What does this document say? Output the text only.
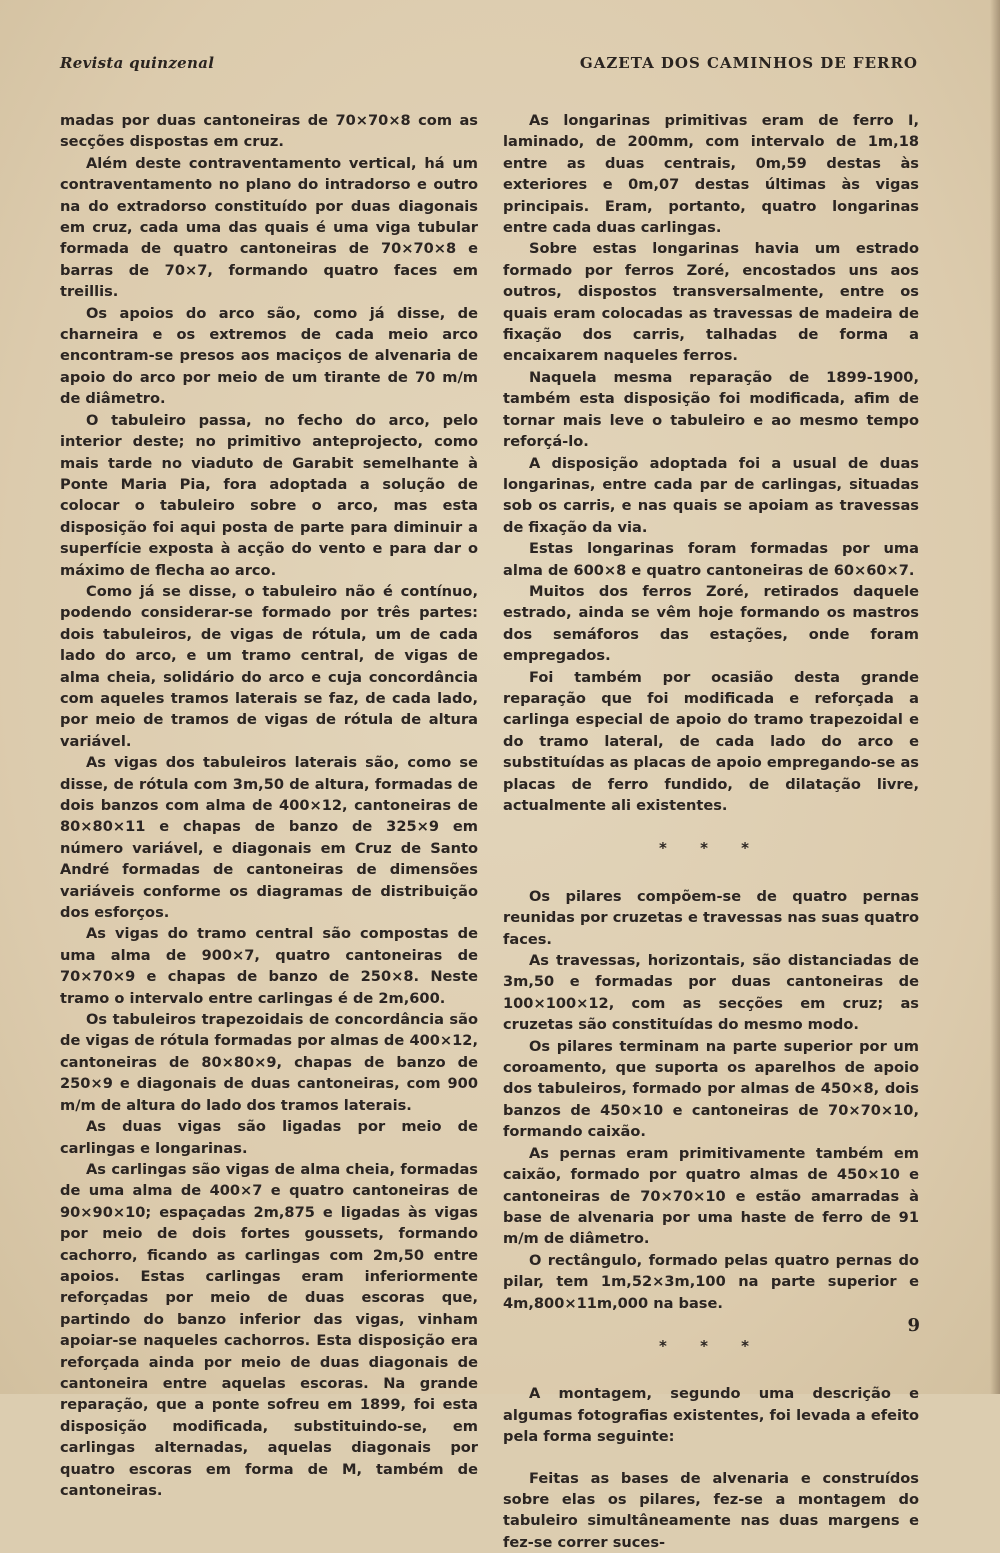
Revista quinzenal	GAZETA DOS CAMINHOS DE FERRO

madas por duas cantoneiras de 70×70×8 com as secções dispostas em cruz.

Além deste contraventamento vertical, há um contraventamento no plano do intradorso e outro na do extradorso constituído por duas diagonais em cruz, cada uma das quais é uma viga tubular formada de quatro cantoneiras de 70×70×8 e barras de 70×7, formando quatro faces em treillis.

Os apoios do arco são, como já disse, de charneira e os extremos de cada meio arco encontram-se presos aos maciços de alvenaria de apoio do arco por meio de um tirante de 70 m/m de diâmetro.

O tabuleiro passa, no fecho do arco, pelo interior deste; no primitivo anteprojecto, como mais tarde no viaduto de Garabit semelhante à Ponte Maria Pia, fora adoptada a solução de colocar o tabuleiro sobre o arco, mas esta disposição foi aqui posta de parte para diminuir a superfície exposta à acção do vento e para dar o máximo de flecha ao arco.

Como já se disse, o tabuleiro não é contínuo, podendo considerar-se formado por três partes: dois tabuleiros, de vigas de rótula, um de cada lado do arco, e um tramo central, de vigas de alma cheia, solidário do arco e cuja concordância com aqueles tramos laterais se faz, de cada lado, por meio de tramos de vigas de rótula de altura variável.

As vigas dos tabuleiros laterais são, como se disse, de rótula com 3m,50 de altura, formadas de dois banzos com alma de 400×12, cantoneiras de 80×80×11 e chapas de banzo de 325×9 em número variável, e diagonais em Cruz de Santo André formadas de cantoneiras de dimensões variáveis conforme os diagramas de distribuição dos esforços.

As vigas do tramo central são compostas de uma alma de 900×7, quatro cantoneiras de 70×70×9 e chapas de banzo de 250×8. Neste tramo o intervalo entre carlingas é de 2m,600.

Os tabuleiros trapezoidais de concordância são de vigas de rótula formadas por almas de 400×12, cantoneiras de 80×80×9, chapas de banzo de 250×9 e diagonais de duas cantoneiras, com 900 m/m de altura do lado dos tramos laterais.

As duas vigas são ligadas por meio de carlingas e longarinas.

As carlingas são vigas de alma cheia, formadas de uma alma de 400×7 e quatro cantoneiras de 90×90×10; espaçadas 2m,875 e ligadas às vigas por meio de dois fortes goussets, formando cachorro, ficando as carlingas com 2m,50 entre apoios. Estas carlingas eram inferiormente reforçadas por meio de duas escoras que, partindo do banzo inferior das vigas, vinham apoiar-se naqueles cachorros. Esta disposição era reforçada ainda por meio de duas diagonais de cantoneira entre aquelas escoras. Na grande reparação, que a ponte sofreu em 1899, foi esta disposição modificada, substituindo-se, em carlingas alternadas, aquelas diagonais por quatro escoras em forma de M, também de cantoneiras.

As longarinas primitivas eram de ferro I, laminado, de 200mm, com intervalo de 1m,18 entre as duas centrais, 0m,59 destas às exteriores e 0m,07 destas últimas às vigas principais. Eram, portanto, quatro longarinas entre cada duas carlingas.

Sobre estas longarinas havia um estrado formado por ferros Zoré, encostados uns aos outros, dispostos transversalmente, entre os quais eram colocadas as travessas de madeira de fixação dos carris, talhadas de forma a encaixarem naqueles ferros.

Naquela mesma reparação de 1899-1900, também esta disposição foi modificada, afim de tornar mais leve o tabuleiro e ao mesmo tempo reforçá-lo.

A disposição adoptada foi a usual de duas longarinas, entre cada par de carlingas, situadas sob os carris, e nas quais se apoiam as travessas de fixação da via.

Estas longarinas foram formadas por uma alma de 600×8 e quatro cantoneiras de 60×60×7.

Muitos dos ferros Zoré, retirados daquele estrado, ainda se vêm hoje formando os mastros dos semáforos das estações, onde foram empregados.

Foi também por ocasião desta grande reparação que foi modificada e reforçada a carlinga especial de apoio do tramo trapezoidal e do tramo lateral, de cada lado do arco e substituídas as placas de apoio empregando-se as placas de ferro fundido, de dilatação livre, actualmente ali existentes.

* * *

Os pilares compõem-se de quatro pernas reunidas por cruzetas e travessas nas suas quatro faces.

As travessas, horizontais, são distanciadas de 3m,50 e formadas por duas cantoneiras de 100×100×12, com as secções em cruz; as cruzetas são constituídas do mesmo modo.

Os pilares terminam na parte superior por um coroamento, que suporta os aparelhos de apoio dos tabuleiros, formado por almas de 450×8, dois banzos de 450×10 e cantoneiras de 70×70×10, formando caixão.

As pernas eram primitivamente também em caixão, formado por quatro almas de 450×10 e cantoneiras de 70×70×10 e estão amarradas à base de alvenaria por uma haste de ferro de 91 m/m de diâmetro.

O rectângulo, formado pelas quatro pernas do pilar, tem 1m,52×3m,100 na parte superior e 4m,800×11m,000 na base.

* * *

A montagem, segundo uma descrição e algumas fotografias existentes, foi levada a efeito pela forma seguinte:

Feitas as bases de alvenaria e construídos sobre elas os pilares, fez-se a montagem do tabuleiro simultâneamente nas duas margens e fez-se correr suces-

9
